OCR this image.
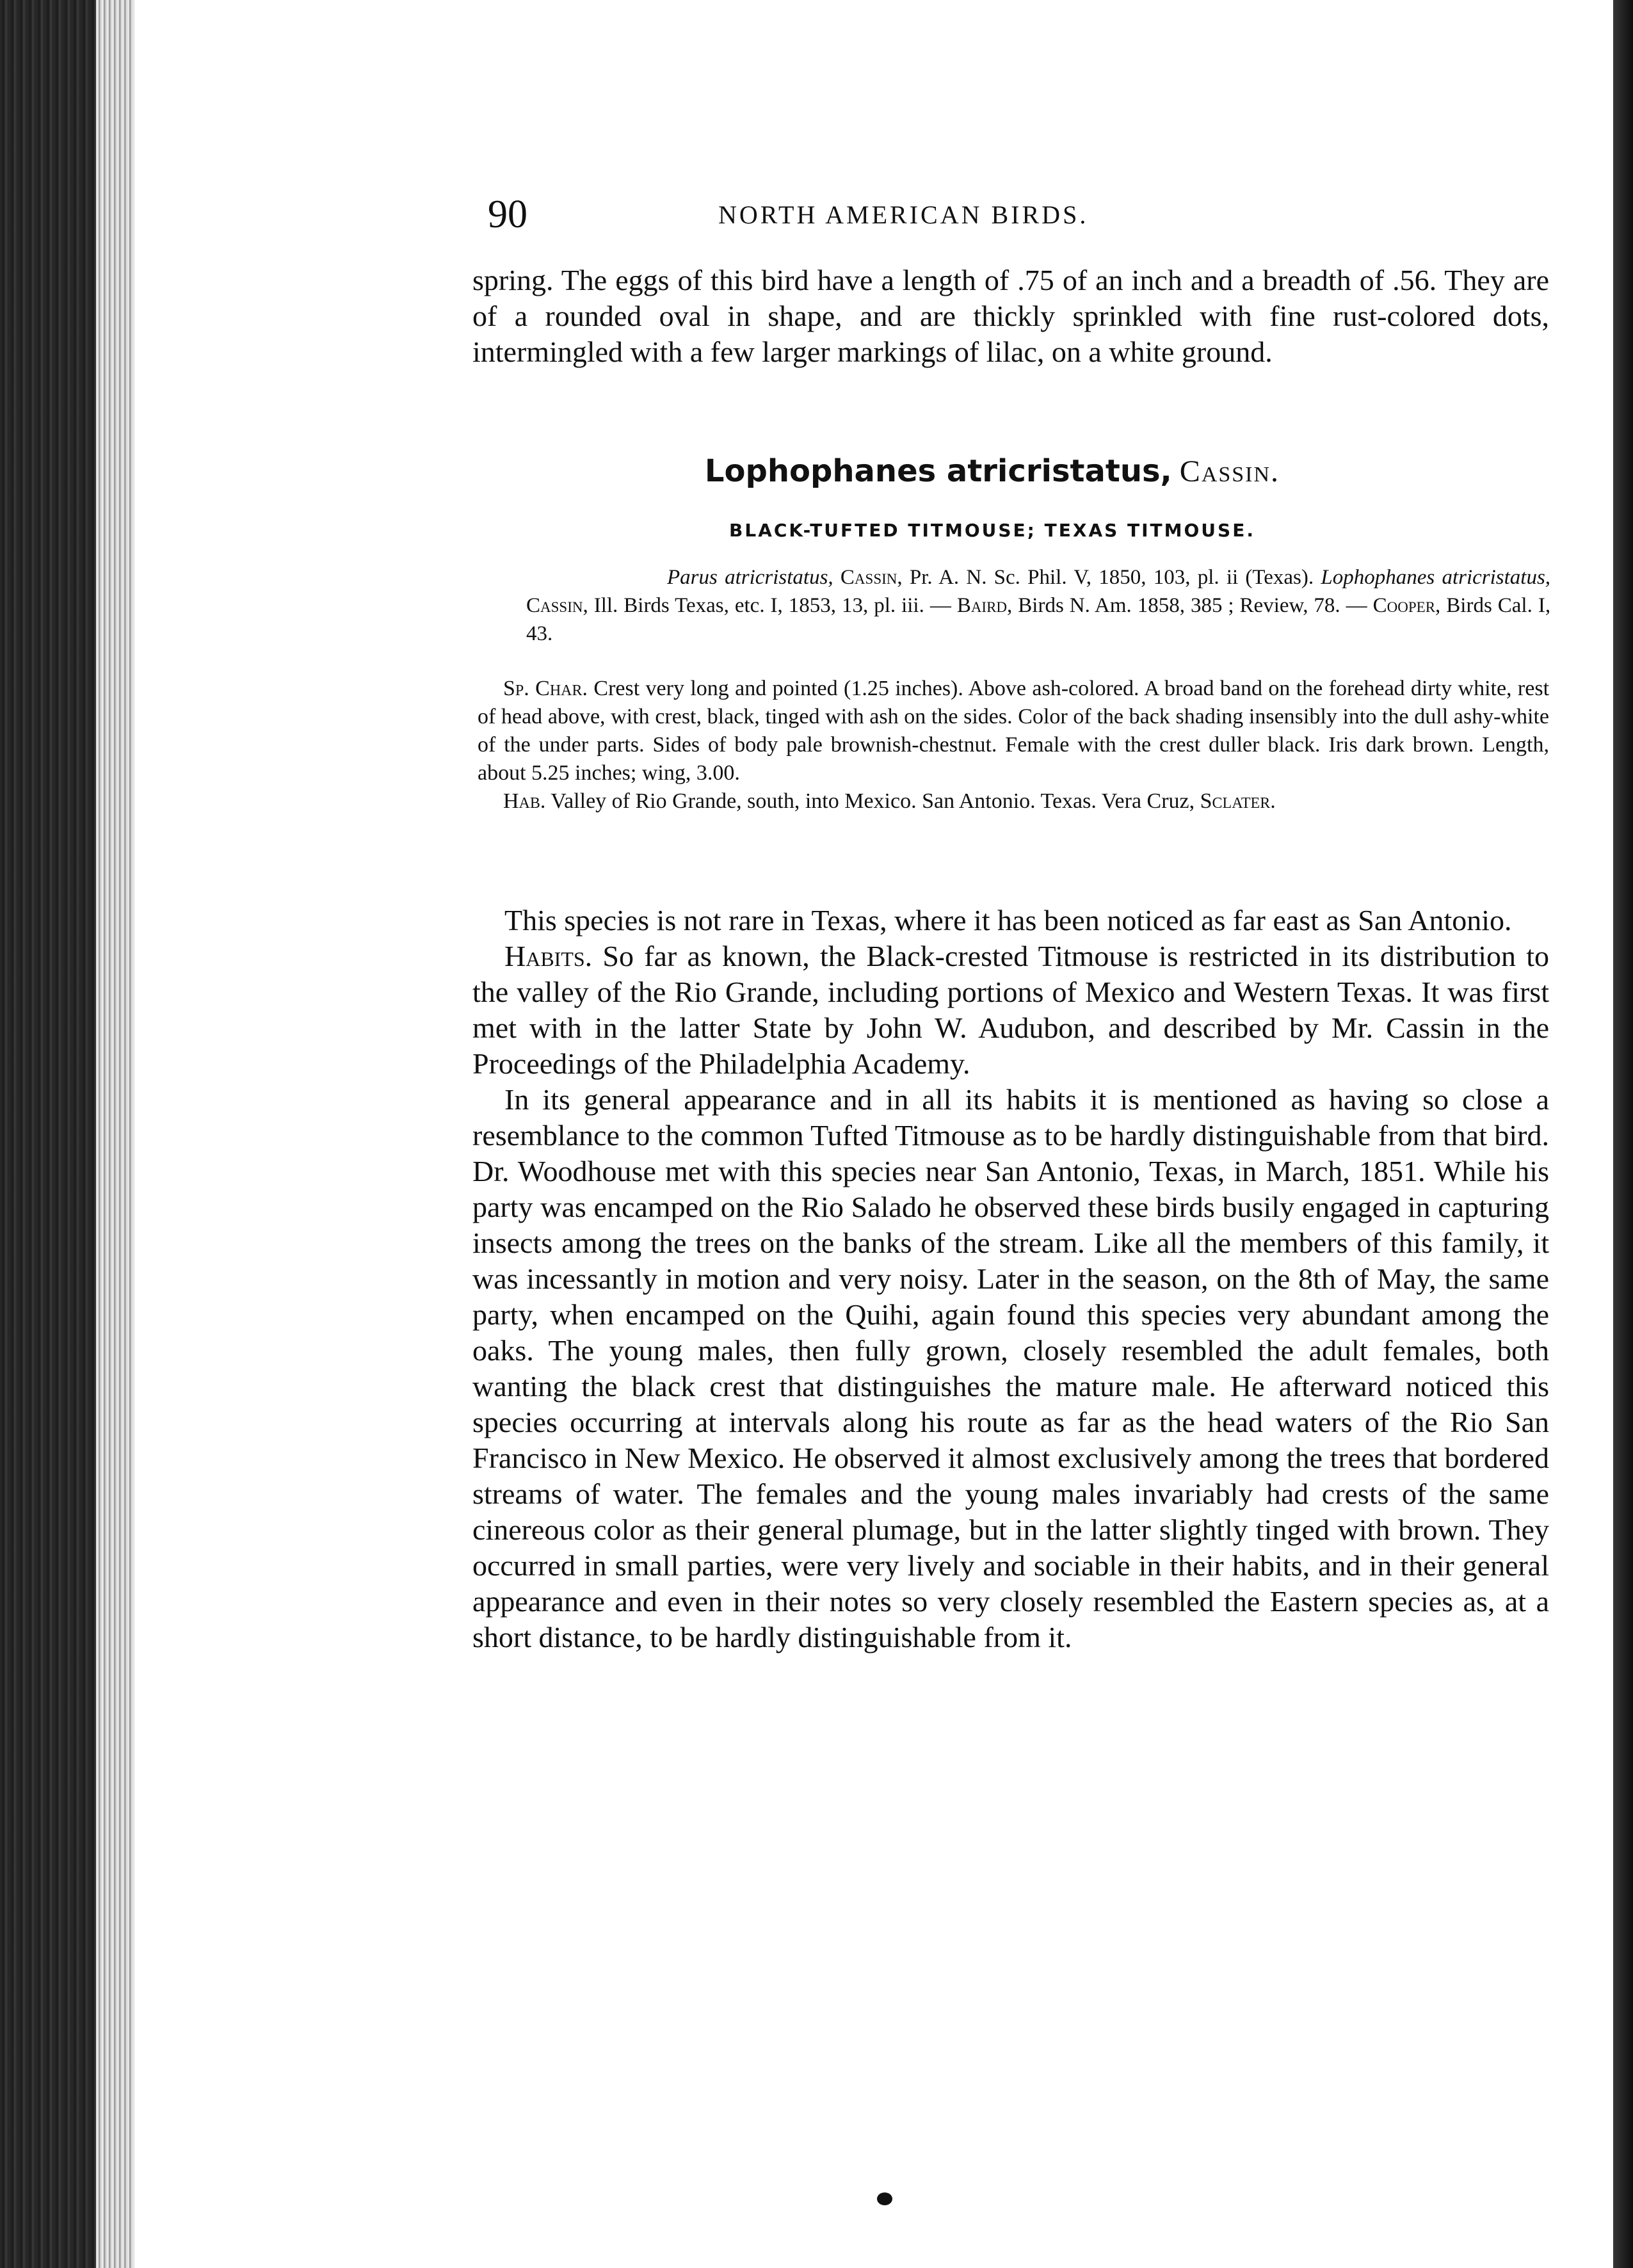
90	NORTH AMERICAN BIRDS.

spring. The eggs of this bird have a length of .75 of an inch and a breadth of .56. They are of a rounded oval in shape, and are thickly sprinkled with fine rust-colored dots, intermingled with a few larger markings of lilac, on a white ground.

Lophophanes atricristatus, Cassin.
BLACK-TUFTED TITMOUSE; TEXAS TITMOUSE.
Parus atricristatus, Cassin, Pr. A. N. Sc. Phil. V, 1850, 103, pl. ii (Texas). Lophophanes atricristatus, Cassin, Ill. Birds Texas, etc. I, 1853, 13, pl. iii. — Baird, Birds N. Am. 1858, 385 ; Review, 78. — Cooper, Birds Cal. I, 43.

Sp. Char. Crest very long and pointed (1.25 inches). Above ash-colored. A broad band on the forehead dirty white, rest of head above, with crest, black, tinged with ash on the sides. Color of the back shading insensibly into the dull ashy-white of the under parts. Sides of body pale brownish-chestnut. Female with the crest duller black. Iris dark brown. Length, about 5.25 inches; wing, 3.00.

Hab. Valley of Rio Grande, south, into Mexico. San Antonio. Texas. Vera Cruz, Sclater.

This species is not rare in Texas, where it has been noticed as far east as San Antonio.

Habits. So far as known, the Black-crested Titmouse is restricted in its distribution to the valley of the Rio Grande, including portions of Mexico and Western Texas. It was first met with in the latter State by John W. Audubon, and described by Mr. Cassin in the Proceedings of the Philadelphia Academy.

In its general appearance and in all its habits it is mentioned as having so close a resemblance to the common Tufted Titmouse as to be hardly distinguishable from that bird. Dr. Woodhouse met with this species near San Antonio, Texas, in March, 1851. While his party was encamped on the Rio Salado he observed these birds busily engaged in capturing insects among the trees on the banks of the stream. Like all the members of this family, it was incessantly in motion and very noisy. Later in the season, on the 8th of May, the same party, when encamped on the Quihi, again found this species very abundant among the oaks. The young males, then fully grown, closely resembled the adult females, both wanting the black crest that distinguishes the mature male. He afterward noticed this species occurring at intervals along his route as far as the head waters of the Rio San Francisco in New Mexico. He observed it almost exclusively among the trees that bordered streams of water. The females and the young males invariably had crests of the same cinereous color as their general plumage, but in the latter slightly tinged with brown. They occurred in small parties, were very lively and sociable in their habits, and in their general appearance and even in their notes so very closely resembled the Eastern species as, at a short distance, to be hardly distinguishable from it.
